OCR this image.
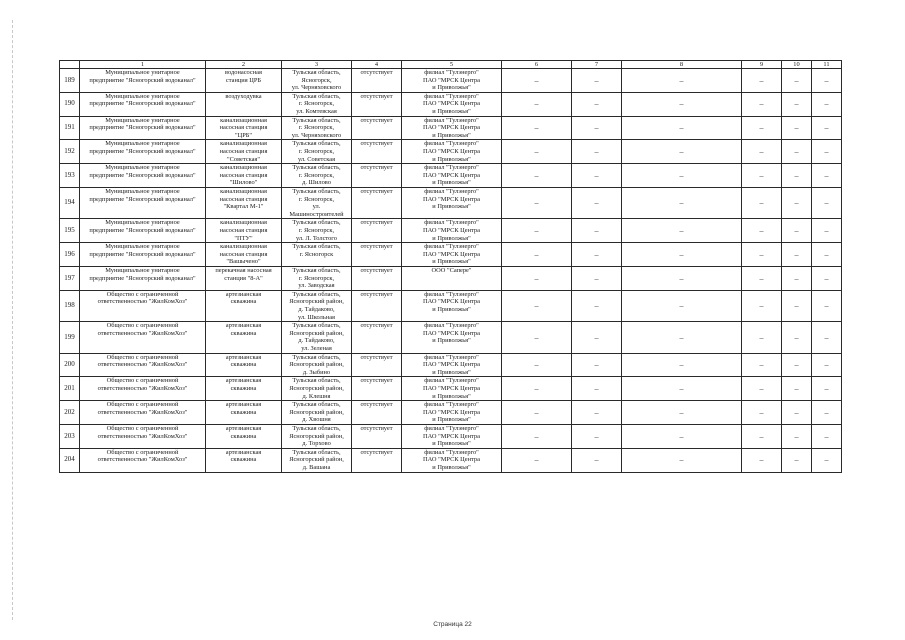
	1	2	3	4	5	6	7	8	9	10	11
189	Муниципальное унитарное
предприятие "Ясногорский водоканал"	водонасосная
станция ЦРБ	Тульская область,
Ясногорск,
ул. Черняховского	отсутствует	филиал "Тулэнерго"
ПАО "МРСК Центра
и Приволжья"	–	–	–	–	–	–
190	Муниципальное унитарное
предприятие "Ясногорский водоканал"	воздуходувка	Тульская область,
г. Ясногорск,
ул. Комтевская	отсутствует	филиал "Тулэнерго"
ПАО "МРСК Центра
и Приволжья"	–	–	–	–	–	–
191	Муниципальное унитарное
предприятие "Ясногорский водоканал"	канализационная
насосная станция
"ЦРБ"	Тульская область,
г. Ясногорск,
ул. Черняховского	отсутствует	филиал "Тулэнерго"
ПАО "МРСК Центра
и Приволжья"	–	–	–	–	–	–
192	Муниципальное унитарное
предприятие "Ясногорский водоканал"	канализационная
насосная станция
"Советская"	Тульская область,
г. Ясногорск,
ул. Советская	отсутствует	филиал "Тулэнерго"
ПАО "МРСК Центра
и Приволжья"	–	–	–	–	–	–
193	Муниципальное унитарное
предприятие "Ясногорский водоканал"	канализационная
насосная станция
"Шилово"	Тульская область,
г. Ясногорск,
д. Шилово	отсутствует	филиал "Тулэнерго"
ПАО "МРСК Центра
и Приволжья"	–	–	–	–	–	–
194	Муниципальное унитарное
предприятие "Ясногорский водоканал"	канализационная
насосная станция
"Квартал М-1"	Тульская область,
г. Ясногорск,
ул.
Машиностроителей	отсутствует	филиал "Тулэнерго"
ПАО "МРСК Центра
и Приволжья"	–	–	–	–	–	–
195	Муниципальное унитарное
предприятие "Ясногорский водоканал"	канализационная
насосная станция
"ПТУ"	Тульская область,
г. Ясногорск,
ул. Л. Толстого	отсутствует	филиал "Тулэнерго"
ПАО "МРСК Центра
и Приволжья"	–	–	–	–	–	–
196	Муниципальное унитарное
предприятие "Ясногорский водоканал"	канализационная
насосная станция
"Вашычено"	Тульская область,
г. Ясногорск	отсутствует	филиал "Тулэнерго"
ПАО "МРСК Центра
и Приволжья"	–	–	–	–	–	–
197	Муниципальное унитарное
предприятие "Ясногорский водоканал"	перекачная насосная
станция "8-А"	Тульская область,
г. Ясногорск,
ул. Заводская	отсутствует	ООО "Сапере"	–	–	–	–	–	–
198	Общество с ограниченной
ответственностью "ЖилКомХоз"	артезианская
скважина	Тульская область,
Ясногорский район,
д. Тайдаково,
ул. Школьная	отсутствует	филиал "Тулэнерго"
ПАО "МРСК Центра
и Приволжья"	–	–	–	–	–	–
199	Общество с ограниченной
ответственностью "ЖилКомХоз"	артезианская
скважина	Тульская область,
Ясногорский район,
д. Тайдаково,
ул. Зеленая	отсутствует	филиал "Тулэнерго"
ПАО "МРСК Центра
и Приволжья"	–	–	–	–	–	–
200	Общество с ограниченной
ответственностью "ЖилКомХоз"	артезианская
скважина	Тульская область,
Ясногорский район,
д. Зыбино	отсутствует	филиал "Тулэнерго"
ПАО "МРСК Центра
и Приволжья"	–	–	–	–	–	–
201	Общество с ограниченной
ответственностью "ЖилКомХоз"	артезианская
скважина	Тульская область,
Ясногорский район,
д. Клешня	отсутствует	филиал "Тулэнерго"
ПАО "МРСК Центра
и Приволжья"	–	–	–	–	–	–
202	Общество с ограниченной
ответственностью "ЖилКомХоз"	артезианская
скважина	Тульская область,
Ясногорский район,
д. Хвошня	отсутствует	филиал "Тулэнерго"
ПАО "МРСК Центра
и Приволжья"	–	–	–	–	–	–
203	Общество с ограниченной
ответственностью "ЖилКомХоз"	артезианская
скважина	Тульская область,
Ясногорский район,
д. Торхово	отсутствует	филиал "Тулэнерго"
ПАО "МРСК Центра
и Приволжья"	–	–	–	–	–	–
204	Общество с ограниченной
ответственностью "ЖилКомХоз"	артезианская
скважина	Тульская область,
Ясногорский район,
д. Вашана	отсутствует	филиал "Тулэнерго"
ПАО "МРСК Центра
и Приволжья"	–	–	–	–	–	–
Страница 22
